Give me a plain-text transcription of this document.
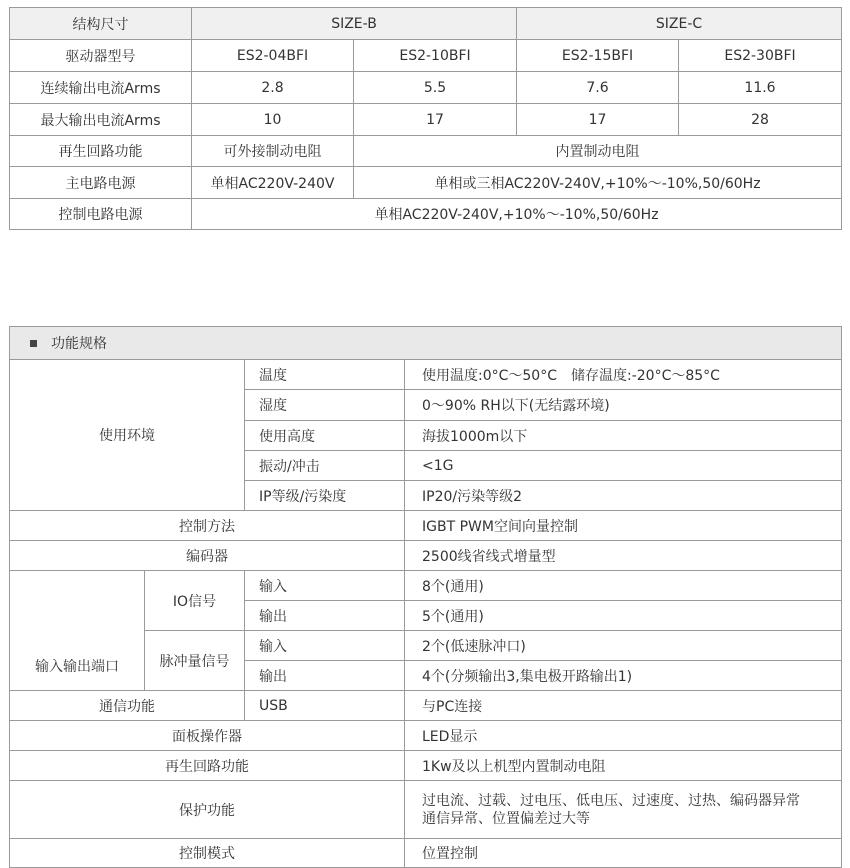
结构尺寸	SIZE-B		SIZE-C	
驱动器型号	ES2-04BFI	ES2-10BFI	ES2-15BFI	ES2-30BFI
连续输出电流Arms	2.8	5.5	7.6	11.6
最大输出电流Arms	10	17	17	28
再生回路功能	可外接制动电阻	内置制动电阻		
主电路电源	单相AC220V-240V	单相或三相AC220V-240V,+10%～-10%,50/60Hz		
控制电路电源	单相AC220V-240V,+10%～-10%,50/60Hz			
功能规格			
使用环境		温度	使用温度:0°C～50°C　储存温度:-20°C～85°C
		湿度	0～90% RH以下(无结露环境)
		使用高度	海拔1000m以下
		振动/冲击	<1G
		IP等级/污染度	IP20/污染等级2
控制方法			IGBT PWM空间向量控制
编码器			2500线省线式增量型
输入输出端口	IO信号	输入	8个(通用)
		输出	5个(通用)
	脉冲量信号	输入	2个(低速脉冲口)
		输出	4个(分频输出3,集电极开路输出1)
通信功能		USB	与PC连接
面板操作器			LED显示
再生回路功能			1Kw及以上机型内置制动电阻
保护功能			过电流、过载、过电压、低电压、过速度、过热、编码器异常
通信异常、位置偏差过大等

控制模式			位置控制
